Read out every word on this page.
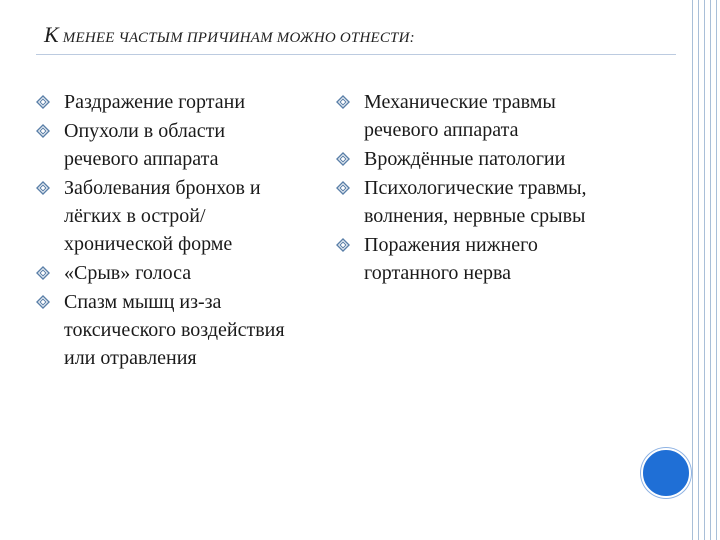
К МЕНЕЕ ЧАСТЫМ ПРИЧИНАМ МОЖНО ОТНЕСТИ:
Раздражение гортани
Опухоли в области речевого аппарата
Заболевания бронхов и лёгких в острой/хронической форме
«Срыв» голоса
Спазм мышц из-за токсического воздействия или отравления
Механические травмы речевого аппарата
Врождённые патологии
Психологические травмы, волнения, нервные срывы
Поражения нижнего гортанного нерва
